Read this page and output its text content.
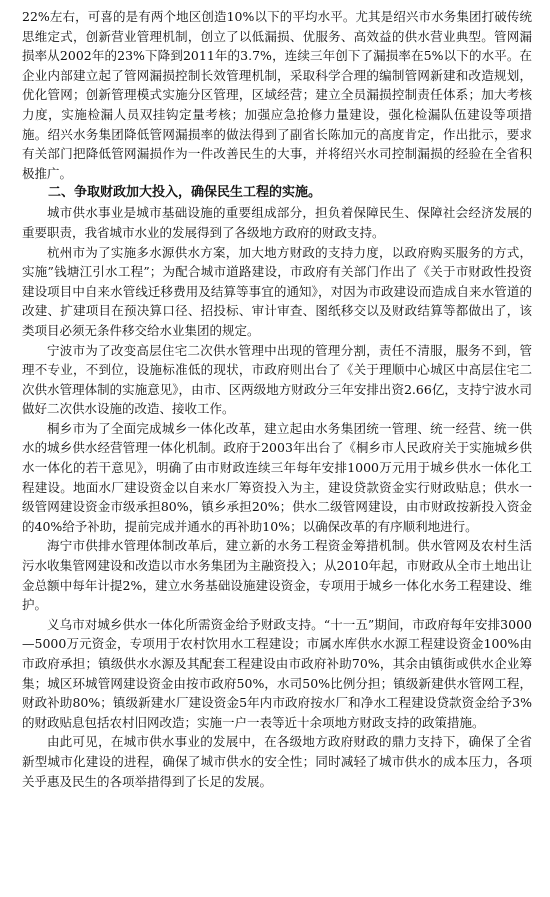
22%左右，可喜的是有两个地区创造10%以下的平均水平。尤其是绍兴市水务集团打破传统思维定式，创新营业管理机制，创立了以低漏损、优服务、高效益的供水营业典型。管网漏损率从2002年的23%下降到2011年的3.7%，连续三年创下了漏损率在5%以下的水平。在企业内部建立起了管网漏损控制长效管理机制，采取科学合理的编制管网新建和改造规划，优化管网；创新管理模式实施分区管理，区域经营；建立全员漏损控制责任体系；加大考核力度，实施检漏人员双挂钩定量考核；加强应急抢修力量建设，强化检漏队伍建设等项措施。绍兴水务集团降低管网漏损率的做法得到了副省长陈加元的高度肯定，作出批示，要求有关部门把降低管网漏损作为一件改善民生的大事，并将绍兴水司控制漏损的经验在全省积极推广。

二、争取财政加大投入，确保民生工程的实施。

城市供水事业是城市基础设施的重要组成部分，担负着保障民生、保障社会经济发展的重要职责，我省城市水业的发展得到了各级地方政府的财政支持。

杭州市为了实施多水源供水方案，加大地方财政的支持力度，以政府购买服务的方式，实施”钱塘江引水工程”；为配合城市道路建设，市政府有关部门作出了《关于市财政性投资建设项目中自来水管线迁移费用及结算等事宜的通知》，对因为市政建设而造成自来水管道的改建、扩建项目在预决算口径、招投标、审计审查、图纸移交以及财政结算等都做出了，该类项目必须无条件移交给水业集团的规定。

宁波市为了改变高层住宅二次供水管理中出现的管理分割，责任不清服，服务不到，管理不专业，不到位，设施标准低的现状，市政府则出台了《关于理顺中心城区中高层住宅二次供水管理体制的实施意见》，由市、区两级地方财政分三年安排出资2.66亿，支持宁波水司做好二次供水设施的改造、接收工作。

桐乡市为了全面完成城乡一体化改革，建立起由水务集团统一管理、统一经营、统一供水的城乡供水经营管理一体化机制。政府于2003年出台了《桐乡市人民政府关于实施城乡供水一体化的若干意见》，明确了由市财政连续三年每年安排1000万元用于城乡供水一体化工程建设。地面水厂建设资金以自来水厂筹资投入为主，建设贷款资金实行财政贴息；供水一级管网建设资金市级承担80%，镇乡承担20%；供水二级管网建设，由市财政按新投入资金的40%给予补助，提前完成并通水的再补助10%；以确保改革的有序顺利地进行。

海宁市供排水管理体制改革后，建立新的水务工程资金筹措机制。供水管网及农村生活污水收集管网建设和改造以市水务集团为主融资投入；从2010年起，市财政从全市土地出让金总额中每年计提2%，建立水务基础设施建设资金，专项用于城乡一体化水务工程建设、维护。

义乌市对城乡供水一体化所需资金给予财政支持。“十一五”期间，市政府每年安排3000—5000万元资金，专项用于农村饮用水工程建设；市属水库供水水源工程建设资金100%由市政府承担；镇级供水水源及其配套工程建设由市政府补助70%，其余由镇街或供水企业筹集；城区环城管网建设资金由按市政府50%，水司50%比例分担；镇级新建供水管网工程，财政补助80%；镇级新建水厂建设资金5年内市政府按水厂和净水工程建设贷款资金给予3%的财政贴息包括农村旧网改造；实施一户一表等近十余项地方财政支持的政策措施。

由此可见，在城市供水事业的发展中，在各级地方政府财政的鼎力支持下，确保了全省新型城市化建设的进程，确保了城市供水的安全性；同时减轻了城市供水的成本压力，各项关乎惠及民生的各项举措得到了长足的发展。
